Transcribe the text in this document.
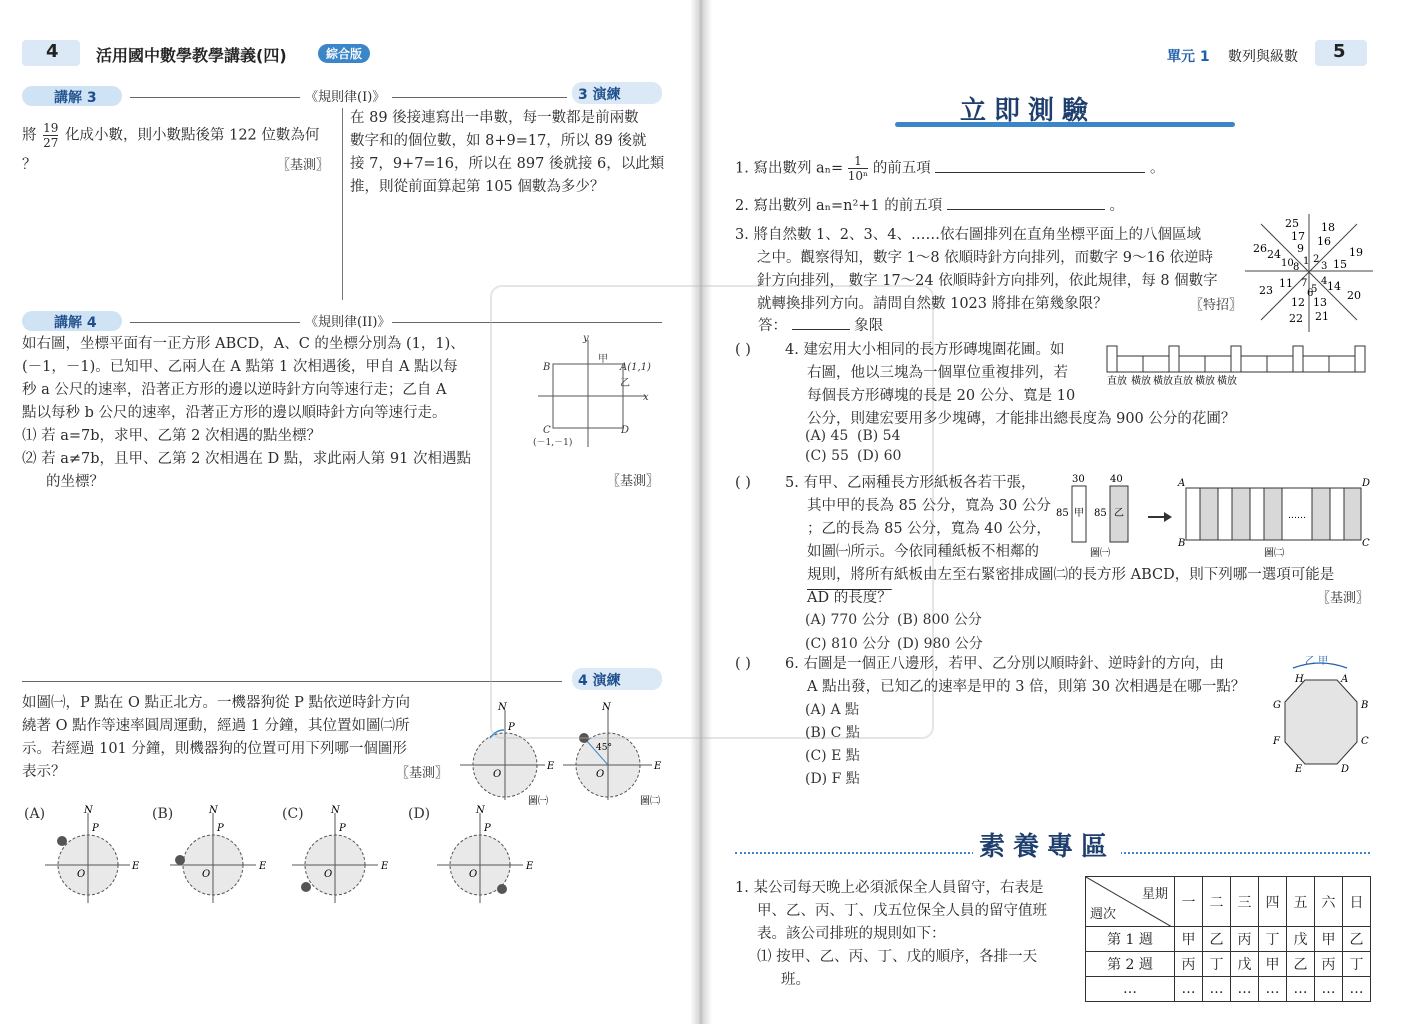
4 活用國中數學教學講義(四)	綜合版
講解 3	《規則律(I)》	3 演練
將 $\frac{19}{27}$ 化成小數，則小數點後第 122 位數為何
？	〖基測〗
在 89 後接連寫出一串數，每一數都是前兩數
數字和的個位數，如 8+9=17，所以 89 後就
接 7，9+7=16，所以在 897 後就接 6，以此類
推，則從前面算起第 105 個數為多少？
講解 4	《規則律(II)》
如右圖，坐標平面有一正方形 ABCD，A、C 的坐標分別為 (1，1)、
(－1，－1)。已知甲、乙兩人在 A 點第 1 次相遇後，甲自 A 點以每
秒 a 公尺的速率，沿著正方形的邊以逆時針方向等速行走；乙自 A
點以每秒 b 公尺的速率，沿著正方形的邊以順時針方向等速行走。
⑴ 若 a=7b，求甲、乙第 2 次相遇的點坐標？
⑵ 若 a≠7b，且甲、乙第 2 次相遇在 D 點，求此兩人第 91 次相遇點
的坐標？	〖基測〗
y
x
B	A(1,1)
甲
乙
C
(－1,－1)
D
4 演練
如圖㈠，P 點在 O 點正北方。一機器狗從 P 點依逆時針方向
繞著 O 點作等速率圓周運動，經過 1 分鐘，其位置如圖㈡所
示。若經過 101 分鐘，則機器狗的位置可用下列哪一個圖形
表示？	〖基測〗
N
E
O
P
圖㈠
N
E
O
45°
圖㈡
(A)	(B)	(C)	(D)
E
N
O
P
E
N
O
P
E
N
O
P
E
N
O
P
單元 1 數列與級數 5
立即測驗
1. 寫出數列 $a_n= \frac{1}{\text{10ⁿ}}$ 的前五項	。
2. 寫出數列 aₙ=n²+1 的前五項	。
3. 將自然數 1、2、3、4、……依右圖排列在直角坐標平面上的八個區域
之中。觀察得知，數字 1～8 依順時針方向排列，而數字 9～16 依逆時
針方向排列， 數字 17～24 依順時針方向排列，依此規律，每 8 個數字
就轉換排列方向。請問自然數 1023 將排在第幾象限？	〖特招〗
答：	象限
25 18
17 16
19
26 24
10
9
1 2
3 15
8
7 4
23
11 5 14
20
12 13
6
22 21
( ) 4. 建宏用大小相同的長方形磚塊圍花圃。如
右圖，他以三塊為一個單位重複排列，若
每個長方形磚塊的長是 20 公分、寬是 10
公分，則建宏要用多少塊磚，才能排出總長度為 900 公分的花圃？
(A) 45 (B) 54
(C) 55 (D) 60
直放 橫放 橫放 直放 橫放 橫放
( ) 5. 有甲、乙兩種長方形紙板各若干張，
其中甲的長為 85 公分，寬為 30 公分
；乙的長為 85 公分，寬為 40 公分，
如圖㈠所示。今依同種紙板不相鄰的
規則，將所有紙板由左至右緊密排成圖㈡的長方形 ABCD，則下列哪一選項可能是
AD 的長度？	〖基測〗
(A) 770 公分 (B) 800 公分
(C) 810 公分 (D) 980 公分
30	40
85 甲 85 乙
圖㈠
……
A	D
B	C
圖㈡
( ) 6. 右圖是一個正八邊形，若甲、乙分別以順時針、逆時針的方向，由
A 點出發，已知乙的速率是甲的 3 倍，則第 30 次相遇是在哪一點？
(A) A 點
(B) C 點
(C) E 點
(D) F 點
乙 甲
H	A
G	B
F	C
E	D
素養專區
1. 某公司每天晚上必須派保全人員留守，右表是
甲、乙、丙、丁、戊五位保全人員的留守值班
表。該公司排班的規則如下：
⑴ 按甲、乙、丙、丁、戊的順序，各排一天
班。
星期
週次	一	二	三	四	五	六	日
第 1 週	甲	乙	丙	丁	戊	甲	乙
第 2 週	丙	丁	戊	甲	乙	丙	丁
…	…	…	…	…	…	…	…
